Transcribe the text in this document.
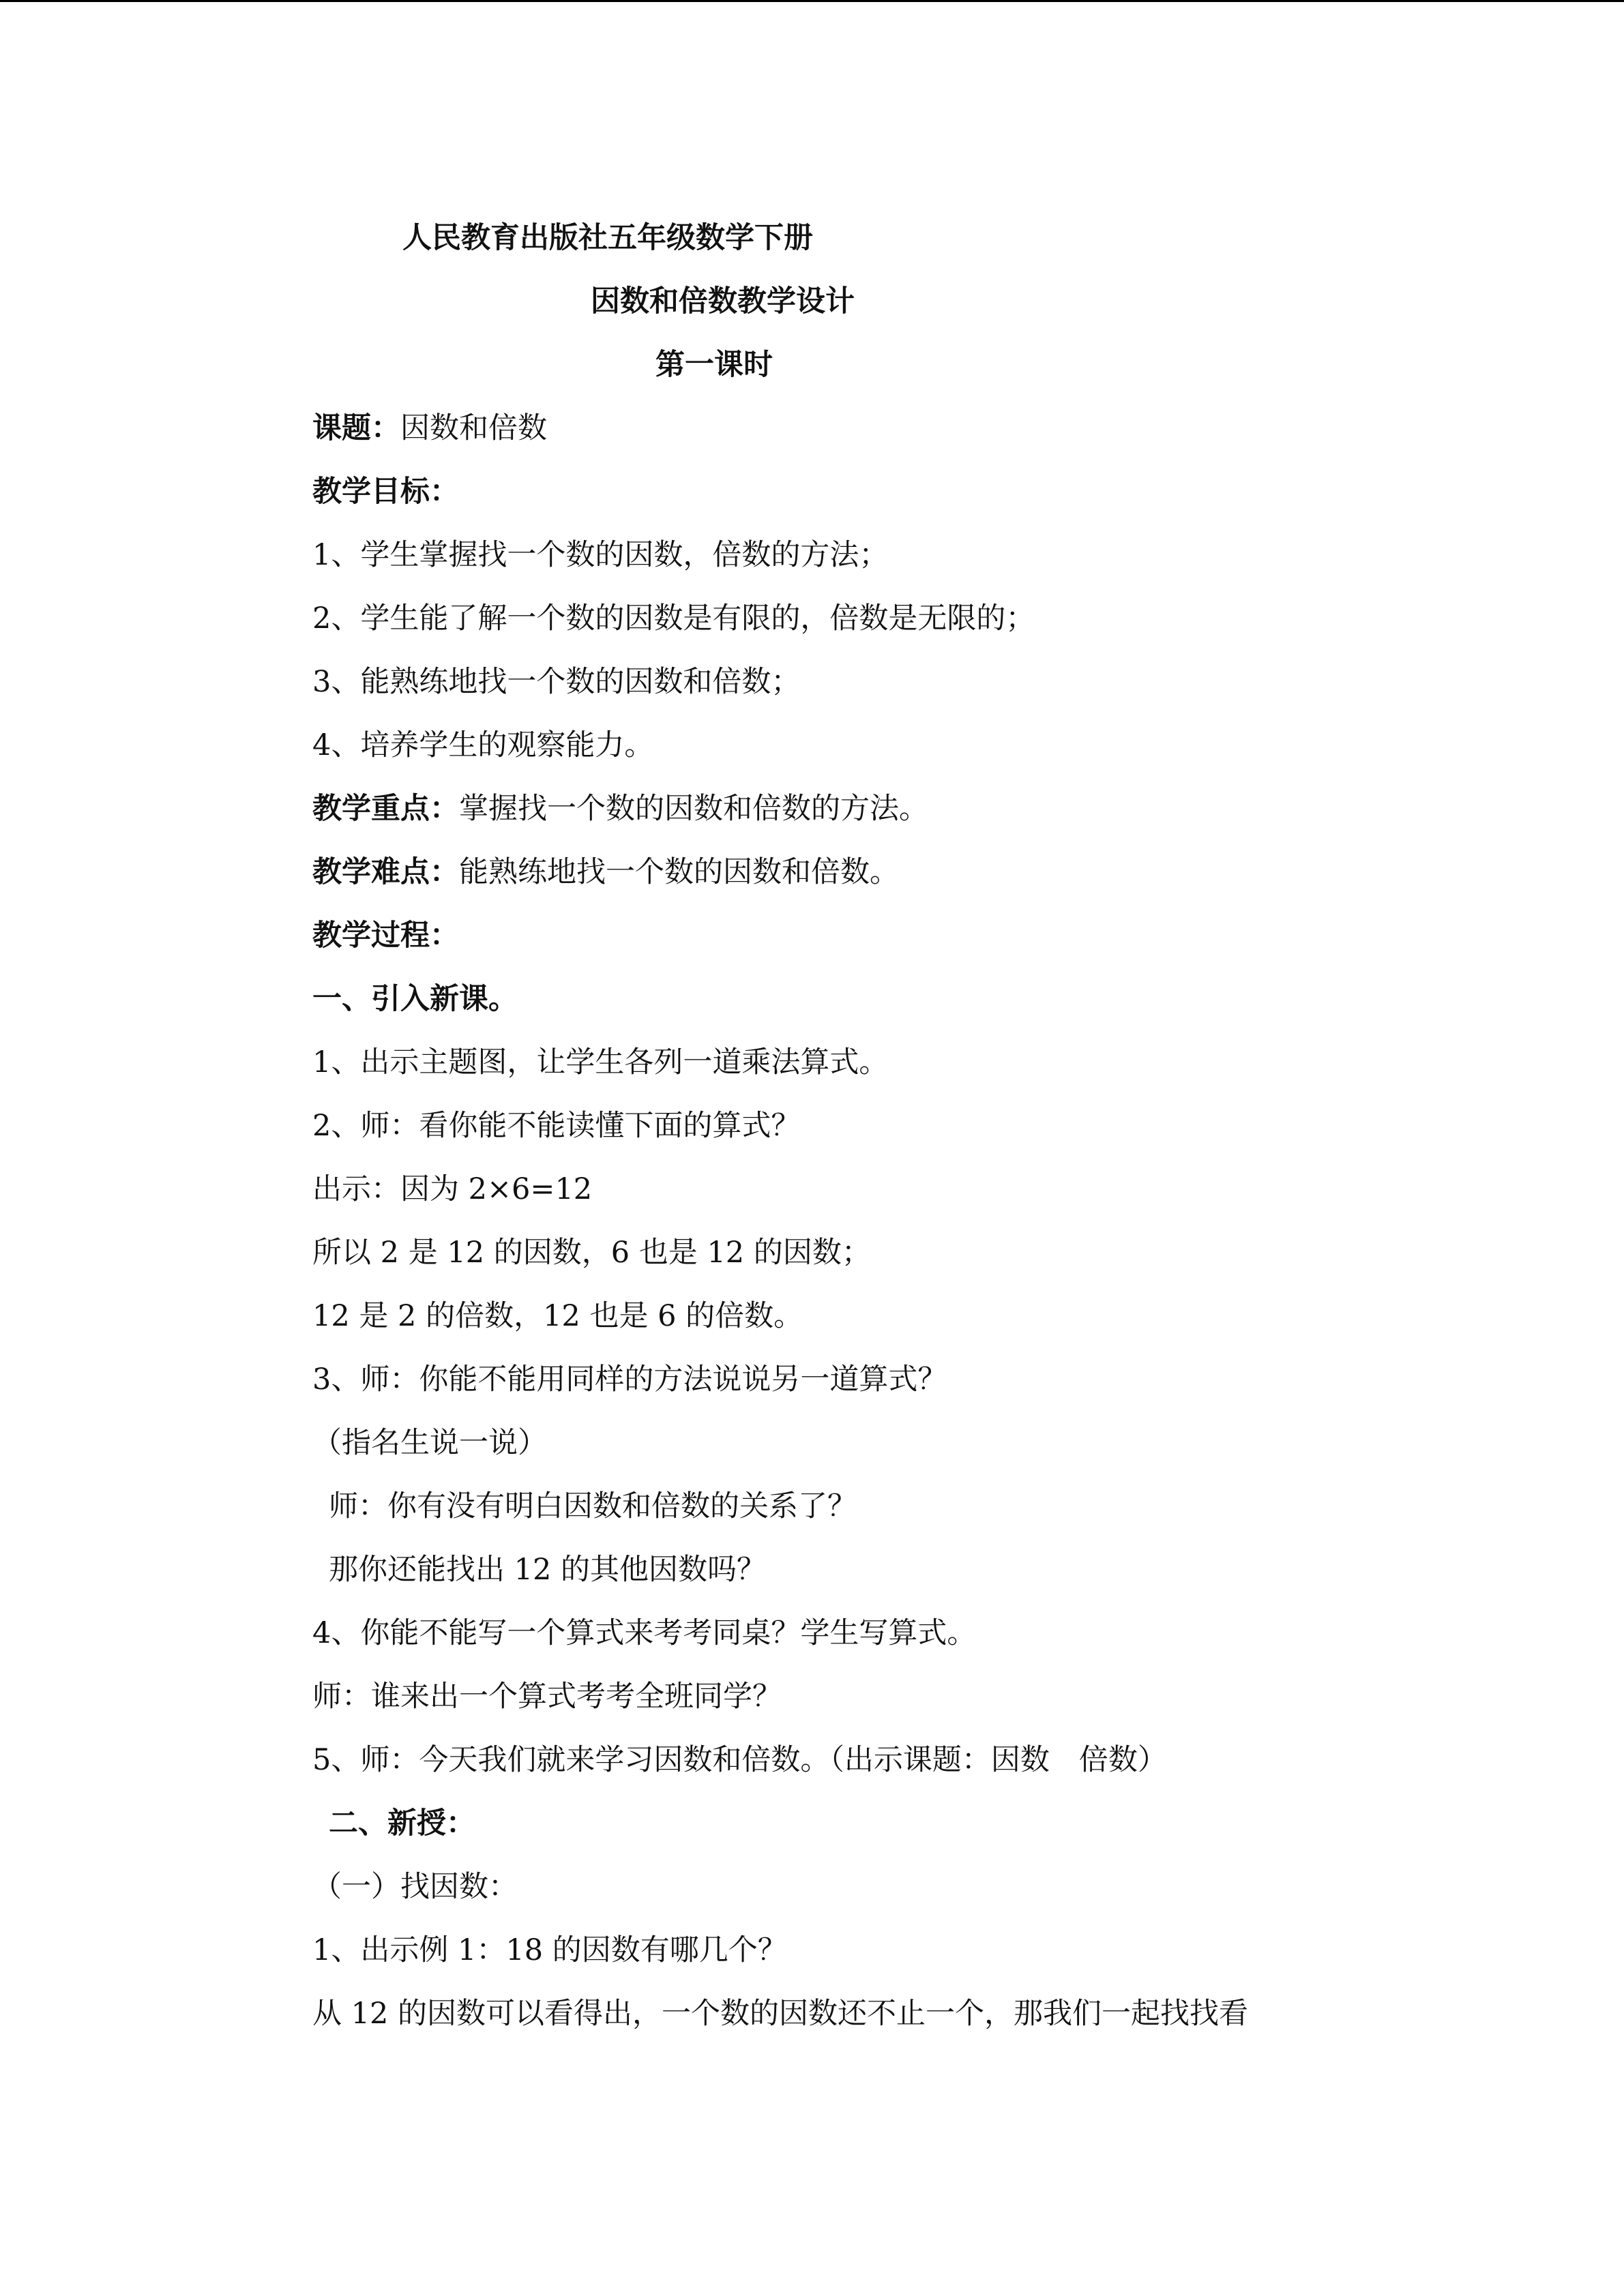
人民教育出版社五年级数学下册
因数和倍数教学设计
第一课时
课题：因数和倍数
教学目标：
1、学生掌握找一个数的因数，倍数的方法；
2、学生能了解一个数的因数是有限的，倍数是无限的；
3、能熟练地找一个数的因数和倍数；
4、培养学生的观察能力。
教学重点：掌握找一个数的因数和倍数的方法。
教学难点：能熟练地找一个数的因数和倍数。
教学过程：
一、引入新课。
1、出示主题图，让学生各列一道乘法算式。
2、师：看你能不能读懂下面的算式？
出示：因为 2×6=12
所以 2 是 12 的因数，6 也是 12 的因数；
12 是 2 的倍数，12 也是 6 的倍数。
3、师：你能不能用同样的方法说说另一道算式？
（指名生说一说）
师：你有没有明白因数和倍数的关系了？
那你还能找出 12 的其他因数吗？
4、你能不能写一个算式来考考同桌？学生写算式。
师：谁来出一个算式考考全班同学？
5、师：今天我们就来学习因数和倍数。（出示课题：因数　倍数）
二、新授：
（一）找因数：
1、出示例 1：18 的因数有哪几个？
从 12 的因数可以看得出，一个数的因数还不止一个，那我们一起找找看
